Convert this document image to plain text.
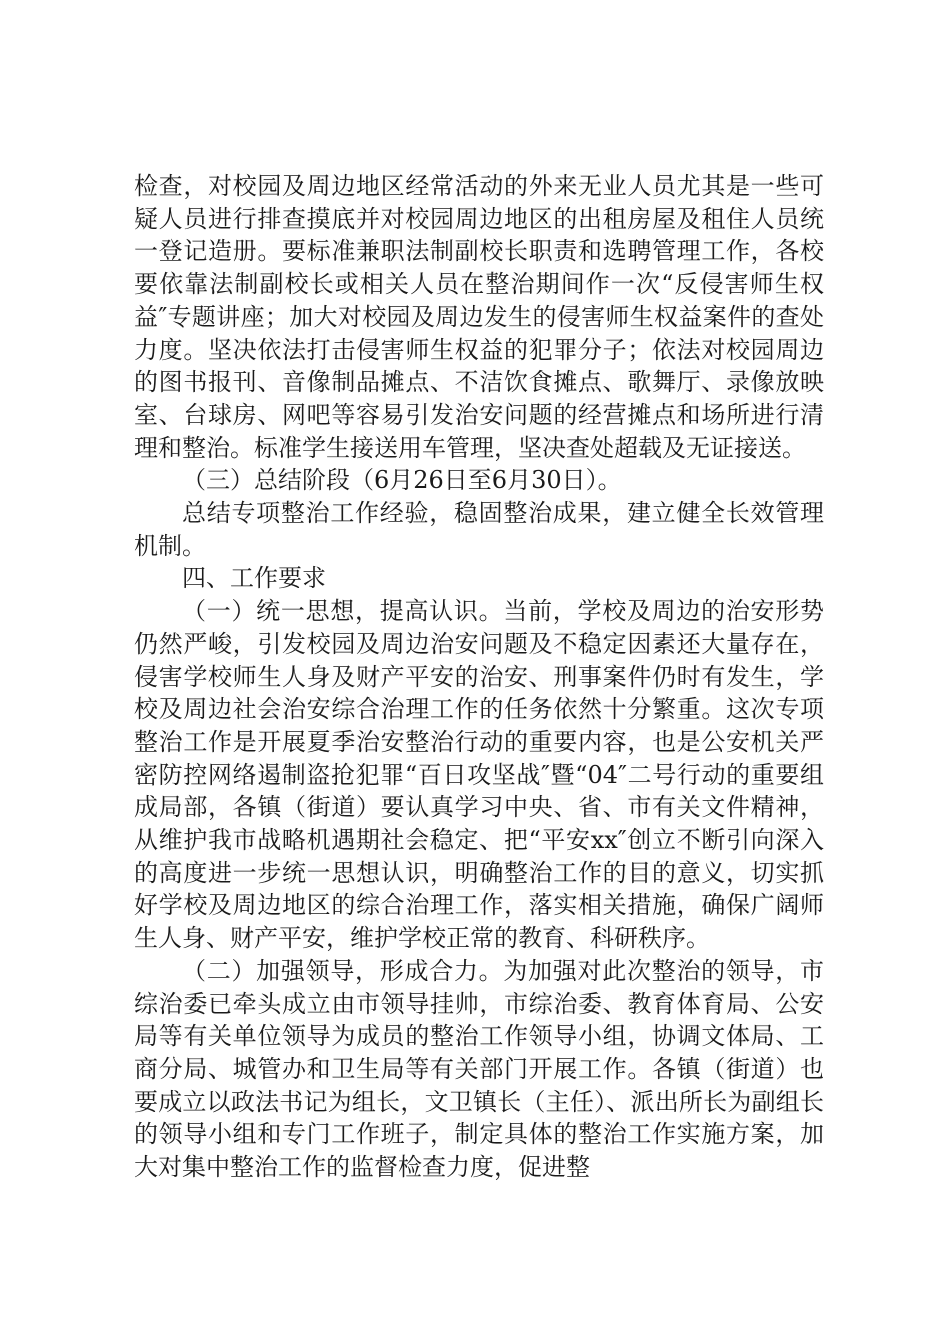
检查，对校园及周边地区经常活动的外来无业人员尤其是一些可疑人员进行排查摸底并对校园周边地区的出租房屋及租住人员统一登记造册。要标准兼职法制副校长职责和选聘管理工作，各校要依靠法制副校长或相关人员在整治期间作一次“反侵害师生权益″专题讲座；加大对校园及周边发生的侵害师生权益案件的查处力度。坚决依法打击侵害师生权益的犯罪分子；依法对校园周边的图书报刊、音像制品摊点、不洁饮食摊点、歌舞厅、录像放映室、台球房、网吧等容易引发治安问题的经营摊点和场所进行清理和整治。标准学生接送用车管理，坚决查处超载及无证接送。

（三）总结阶段（6月26日至6月30日）。

总结专项整治工作经验，稳固整治成果，建立健全长效管理机制。

四、工作要求

（一）统一思想，提高认识。当前，学校及周边的治安形势仍然严峻，引发校园及周边治安问题及不稳定因素还大量存在，侵害学校师生人身及财产平安的治安、刑事案件仍时有发生，学校及周边社会治安综合治理工作的任务依然十分繁重。这次专项整治工作是开展夏季治安整治行动的重要内容，也是公安机关严密防控网络遏制盗抢犯罪“百日攻坚战″暨“04″二号行动的重要组成局部，各镇（街道）要认真学习中央、省、市有关文件精神，从维护我市战略机遇期社会稳定、把“平安xx″创立不断引向深入的高度进一步统一思想认识，明确整治工作的目的意义，切实抓好学校及周边地区的综合治理工作，落实相关措施，确保广阔师生人身、财产平安，维护学校正常的教育、科研秩序。

（二）加强领导，形成合力。为加强对此次整治的领导，市综治委已牵头成立由市领导挂帅，市综治委、教育体育局、公安局等有关单位领导为成员的整治工作领导小组，协调文体局、工商分局、城管办和卫生局等有关部门开展工作。各镇（街道）也要成立以政法书记为组长，文卫镇长（主任）、派出所长为副组长的领导小组和专门工作班子，制定具体的整治工作实施方案，加大对集中整治工作的监督检查力度，促进整
